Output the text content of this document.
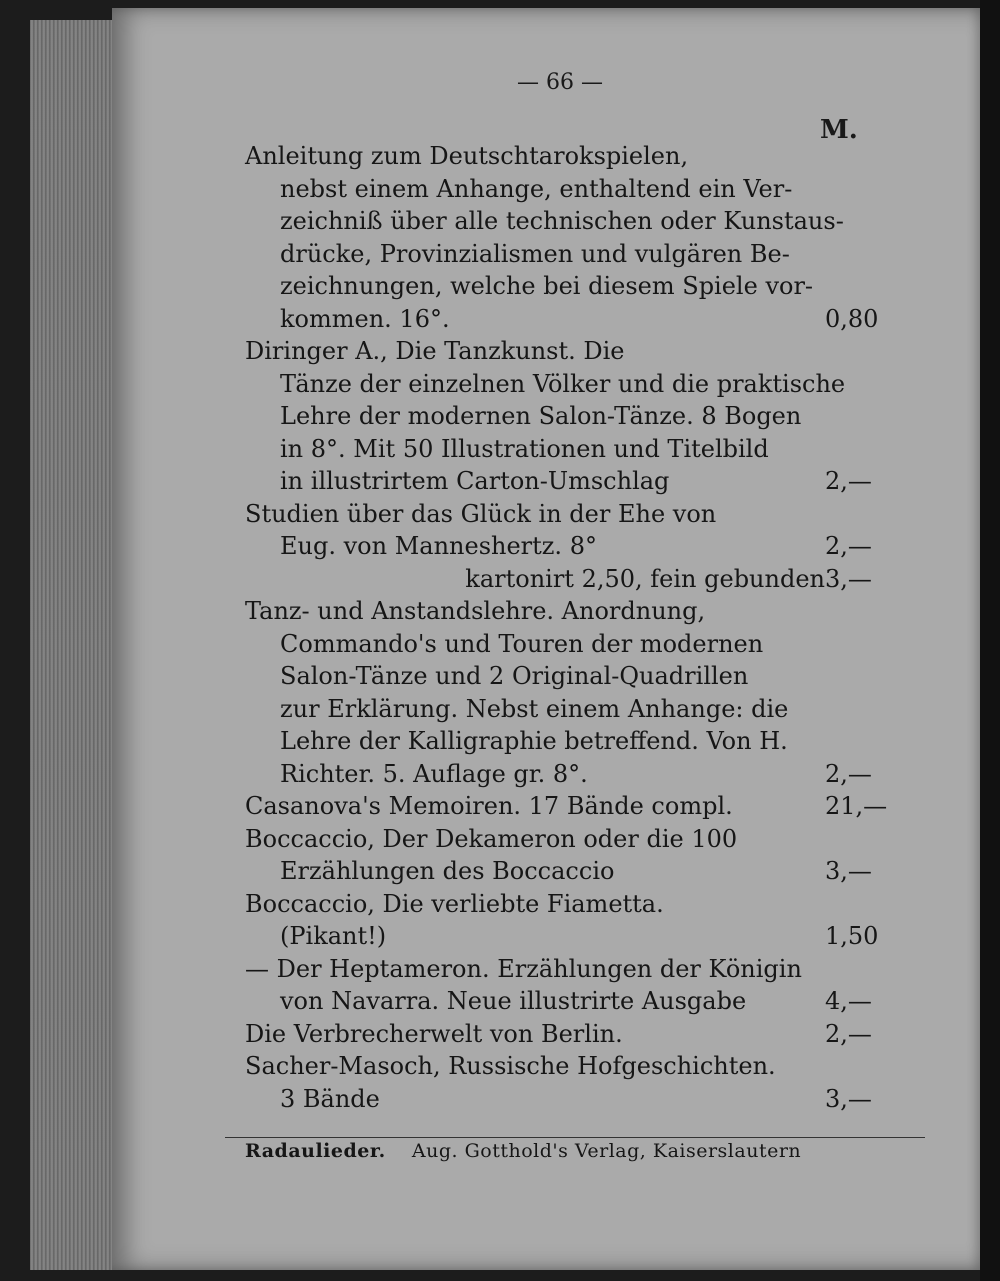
— 66 —
M.
Anleitung zum Deutschtarokspielen,
nebst einem Anhange, enthaltend ein Ver-
zeichniß über alle technischen oder Kunstaus-
drücke, Provinzialismen und vulgären Be-
zeichnungen, welche bei diesem Spiele vor-
kommen. 16°.	0,80
Diringer A., Die Tanzkunst. Die
Tänze der einzelnen Völker und die praktische
Lehre der modernen Salon-Tänze. 8 Bogen
in 8°. Mit 50 Illustrationen und Titelbild
in illustrirtem Carton-Umschlag	2,—
Studien über das Glück in der Ehe von
Eug. von Manneshertz. 8°	2,—
kartonirt 2,50, fein gebunden 3,—
Tanz- und Anstandslehre. Anordnung,
Commando's und Touren der modernen
Salon-Tänze und 2 Original-Quadrillen
zur Erklärung. Nebst einem Anhange: die
Lehre der Kalligraphie betreffend. Von H.
Richter. 5. Auflage gr. 8°.	2,—
Casanova's Memoiren. 17 Bände compl.	21,—
Boccaccio, Der Dekameron oder die 100
Erzählungen des Boccaccio	3,—
Boccaccio, Die verliebte Fiametta.
(Pikant!)	1,50
— Der Heptameron. Erzählungen der Königin
von Navarra. Neue illustrirte Ausgabe	4,—
Die Verbrecherwelt von Berlin.	2,—
Sacher-Masoch, Russische Hofgeschichten.
3 Bände	3,—
Radaulieder. Aug. Gotthold's Verlag, Kaiserslautern
